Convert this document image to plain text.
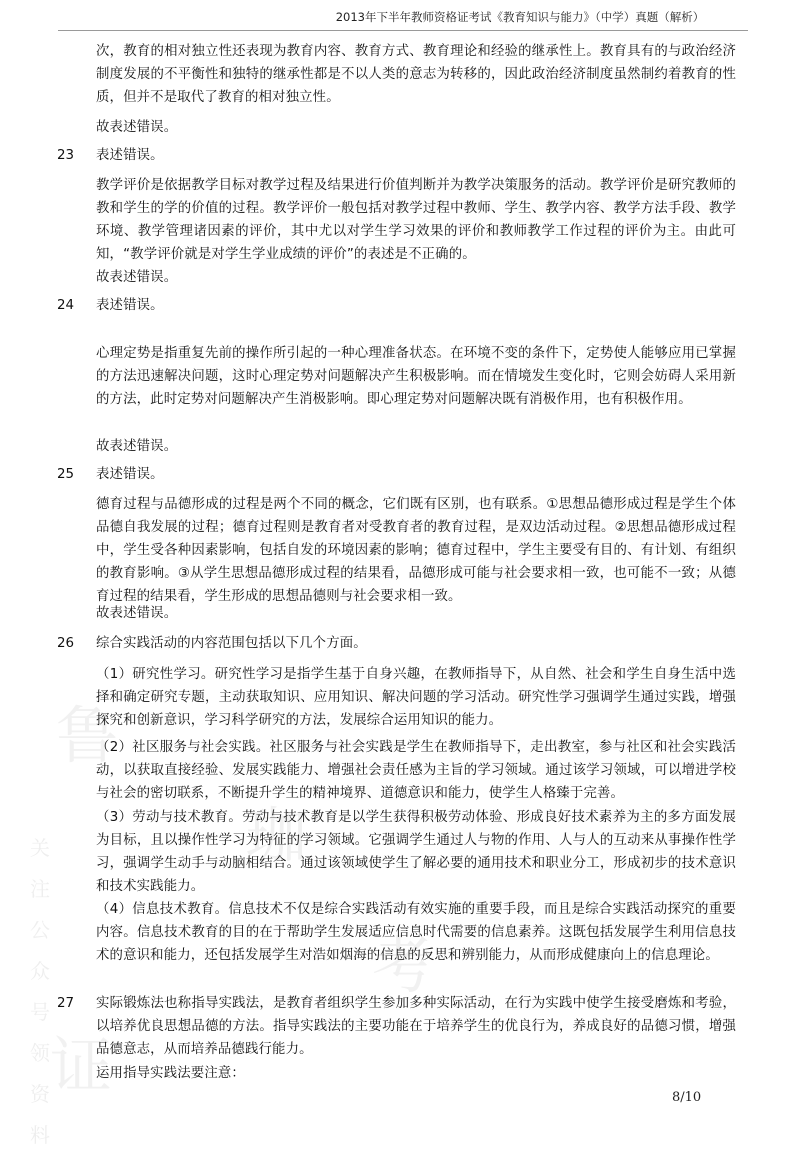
鲁
珈
考
证
关
注
公
众
号
领
资
料
2013年下半年教师资格证考试《教育知识与能力》（中学）真题（解析）

次，教育的相对独立性还表现为教育内容、教育方式、教育理论和经验的继承性上。教育具有的与政治经济制度发展的不平衡性和独特的继承性都是不以人类的意志为转移的，因此政治经济制度虽然制约着教育的性质，但并不是取代了教育的相对独立性。

故表述错误。

23 表述错误。

教学评价是依据教学目标对教学过程及结果进行价值判断并为教学决策服务的活动。教学评价是研究教师的教和学生的学的价值的过程。教学评价一般包括对教学过程中教师、学生、教学内容、教学方法手段、教学环境、教学管理诸因素的评价，其中尤以对学生学习效果的评价和教师教学工作过程的评价为主。由此可知，“教学评价就是对学生学业成绩的评价”的表述是不正确的。

故表述错误。

24 表述错误。

心理定势是指重复先前的操作所引起的一种心理准备状态。在环境不变的条件下，定势使人能够应用已掌握的方法迅速解决问题，这时心理定势对问题解决产生积极影响。而在情境发生变化时，它则会妨碍人采用新的方法，此时定势对问题解决产生消极影响。即心理定势对问题解决既有消极作用，也有积极作用。

故表述错误。

25 表述错误。

德育过程与品德形成的过程是两个不同的概念，它们既有区别，也有联系。①思想品德形成过程是学生个体品德自我发展的过程；德育过程则是教育者对受教育者的教育过程，是双边活动过程。②思想品德形成过程中，学生受各种因素影响，包括自发的环境因素的影响；德育过程中，学生主要受有目的、有计划、有组织的教育影响。③从学生思想品德形成过程的结果看，品德形成可能与社会要求相一致，也可能不一致；从德育过程的结果看，学生形成的思想品德则与社会要求相一致。

故表述错误。

26 综合实践活动的内容范围包括以下几个方面。

（1）研究性学习。研究性学习是指学生基于自身兴趣，在教师指导下，从自然、社会和学生自身生活中选择和确定研究专题，主动获取知识、应用知识、解决问题的学习活动。研究性学习强调学生通过实践，增强探究和创新意识，学习科学研究的方法，发展综合运用知识的能力。

（2）社区服务与社会实践。社区服务与社会实践是学生在教师指导下，走出教室，参与社区和社会实践活动，以获取直接经验、发展实践能力、增强社会责任感为主旨的学习领域。通过该学习领域，可以增进学校与社会的密切联系，不断提升学生的精神境界、道德意识和能力，使学生人格臻于完善。

（3）劳动与技术教育。劳动与技术教育是以学生获得积极劳动体验、形成良好技术素养为主的多方面发展为目标，且以操作性学习为特征的学习领域。它强调学生通过人与物的作用、人与人的互动来从事操作性学习，强调学生动手与动脑相结合。通过该领域使学生了解必要的通用技术和职业分工，形成初步的技术意识和技术实践能力。

（4）信息技术教育。信息技术不仅是综合实践活动有效实施的重要手段，而且是综合实践活动探究的重要内容。信息技术教育的目的在于帮助学生发展适应信息时代需要的信息素养。这既包括发展学生利用信息技术的意识和能力，还包括发展学生对浩如烟海的信息的反思和辨别能力，从而形成健康向上的信息理论。

27 实际锻炼法也称指导实践法，是教育者组织学生参加多种实际活动，在行为实践中使学生接受磨炼和考验，以培养优良思想品德的方法。指导实践法的主要功能在于培养学生的优良行为，养成良好的品德习惯，增强品德意志，从而培养品德践行能力。

运用指导实践法要注意：

8/10
